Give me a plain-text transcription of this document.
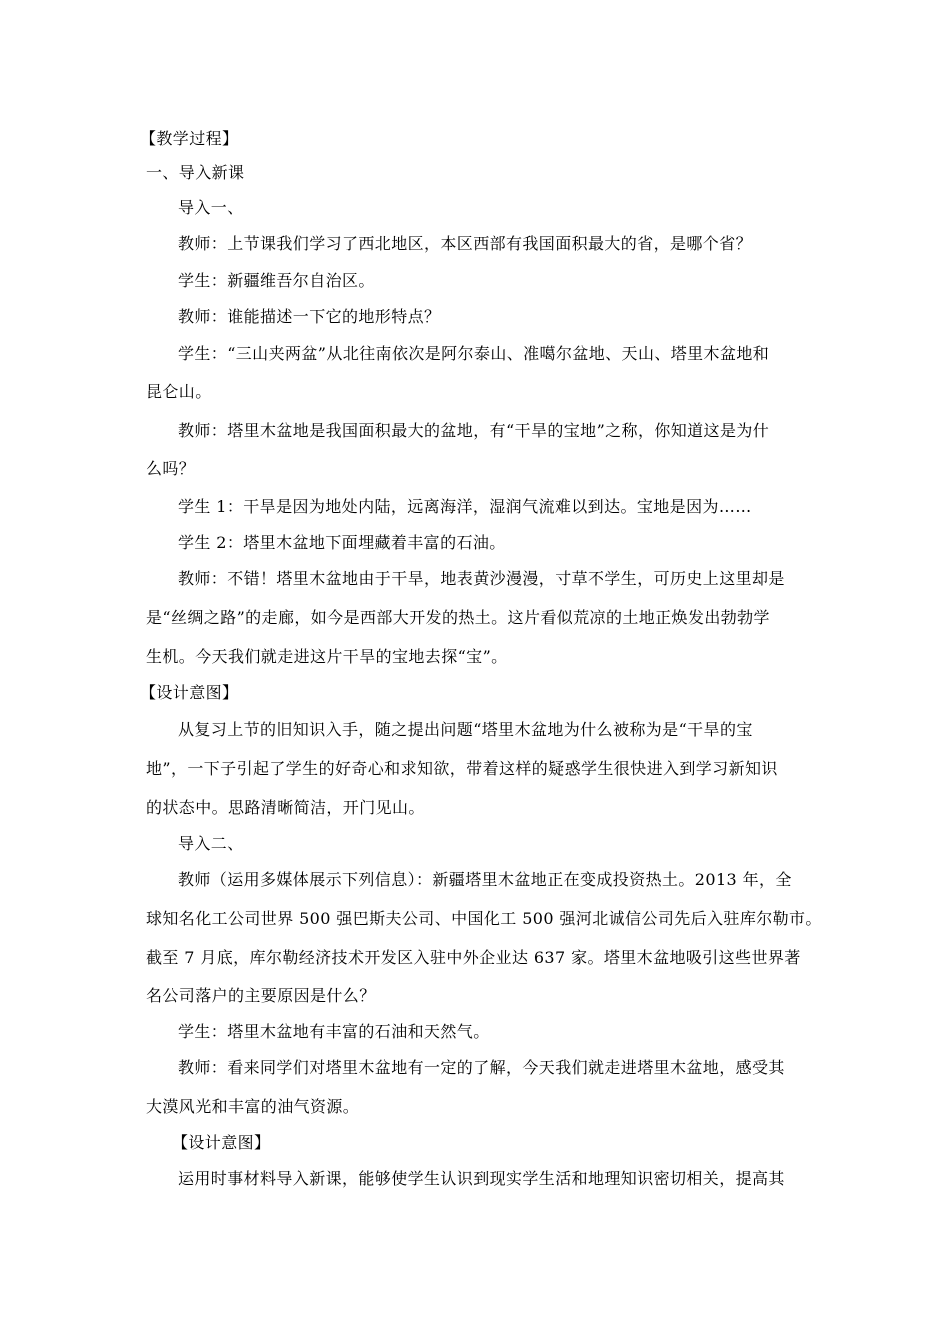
【教学过程】
一、导入新课
导入一、
教师：上节课我们学习了西北地区，本区西部有我国面积最大的省，是哪个省？
学生：新疆维吾尔自治区。
教师：谁能描述一下它的地形特点？
学生：“三山夹两盆”从北往南依次是阿尔泰山、准噶尔盆地、天山、塔里木盆地和
昆仑山。
教师：塔里木盆地是我国面积最大的盆地，有“干旱的宝地”之称，你知道这是为什
么吗？
学生 1：干旱是因为地处内陆，远离海洋，湿润气流难以到达。宝地是因为……
学生 2：塔里木盆地下面埋藏着丰富的石油。
教师：不错！塔里木盆地由于干旱，地表黄沙漫漫，寸草不学生，可历史上这里却是
是“丝绸之路”的走廊，如今是西部大开发的热土。这片看似荒凉的土地正焕发出勃勃学
生机。今天我们就走进这片干旱的宝地去探“宝”。
【设计意图】
从复习上节的旧知识入手，随之提出问题“塔里木盆地为什么被称为是“干旱的宝
地”，一下子引起了学生的好奇心和求知欲，带着这样的疑惑学生很快进入到学习新知识
的状态中。思路清晰简洁，开门见山。
导入二、
教师（运用多媒体展示下列信息）：新疆塔里木盆地正在变成投资热土。2013 年，全
球知名化工公司世界 500 强巴斯夫公司、中国化工 500 强河北诚信公司先后入驻库尔勒市。
截至 7 月底，库尔勒经济技术开发区入驻中外企业达 637 家。塔里木盆地吸引这些世界著
名公司落户的主要原因是什么？
学生：塔里木盆地有丰富的石油和天然气。
教师：看来同学们对塔里木盆地有一定的了解，今天我们就走进塔里木盆地，感受其
大漠风光和丰富的油气资源。
【设计意图】
运用时事材料导入新课，能够使学生认识到现实学生活和地理知识密切相关，提高其
